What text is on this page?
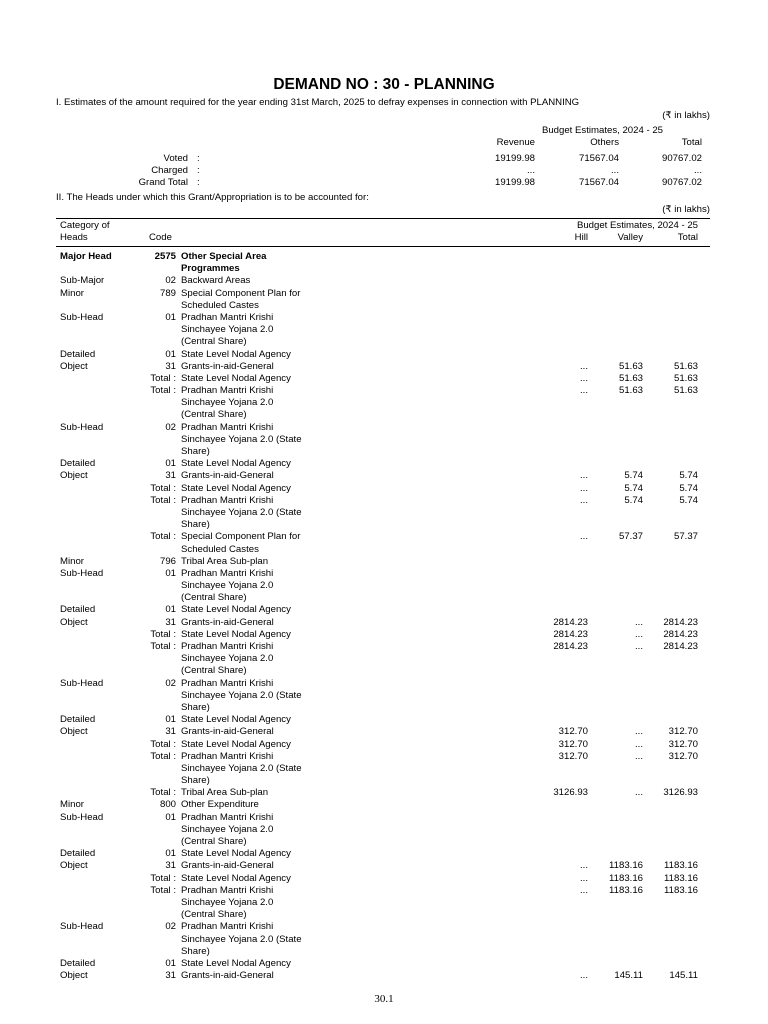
DEMAND NO : 30 - PLANNING
I. Estimates of the amount required for the year ending 31st March, 2025 to defray expenses in connection with PLANNING
(₹ in lakhs)
Budget Estimates, 2024 - 25
Revenue	Others	Total
Voted :	19199.98	71567.04	90767.02
Charged :	...	...	...
Grand Total :	19199.98	71567.04	90767.02
II. The Heads under which this Grant/Appropriation is to be accounted for:
(₹ in lakhs)
Category of
Heads	Code
Budget Estimates, 2024 - 25
Hill	Valley	Total
Major Head	2575 Other Special Area
Programmes
Sub-Major	02 Backward Areas
Minor	789 Special Component Plan for
Scheduled Castes
Sub-Head	01 Pradhan Mantri Krishi
Sinchayee Yojana 2.0
(Central Share)
Detailed	01 State Level Nodal Agency
Object	31 Grants-in-aid-General	...	51.63	51.63
Total : State Level Nodal Agency	...	51.63	51.63
Total : Pradhan Mantri Krishi	...	51.63	51.63
Sinchayee Yojana 2.0
(Central Share)
Sub-Head	02 Pradhan Mantri Krishi
Sinchayee Yojana 2.0 (State
Share)
Detailed	01 State Level Nodal Agency
Object	31 Grants-in-aid-General	...	5.74	5.74
Total : State Level Nodal Agency	...	5.74	5.74
Total : Pradhan Mantri Krishi	...	5.74	5.74
Sinchayee Yojana 2.0 (State
Share)
Total : Special Component Plan for	...	57.37	57.37
Scheduled Castes
Minor	796 Tribal Area Sub-plan
Sub-Head	01 Pradhan Mantri Krishi
Sinchayee Yojana 2.0
(Central Share)
Detailed	01 State Level Nodal Agency
Object	31 Grants-in-aid-General	2814.23	... 2814.23
Total : State Level Nodal Agency	2814.23	... 2814.23
Total : Pradhan Mantri Krishi	2814.23	... 2814.23
Sinchayee Yojana 2.0
(Central Share)
Sub-Head	02 Pradhan Mantri Krishi
Sinchayee Yojana 2.0 (State
Share)
Detailed	01 State Level Nodal Agency
Object	31 Grants-in-aid-General	312.70	...	312.70
Total : State Level Nodal Agency	312.70	...	312.70
Total : Pradhan Mantri Krishi	312.70	...	312.70
Sinchayee Yojana 2.0 (State
Share)
Total : Tribal Area Sub-plan	3126.93	... 3126.93
Minor	800 Other Expenditure
Sub-Head	01 Pradhan Mantri Krishi
Sinchayee Yojana 2.0
(Central Share)
Detailed	01 State Level Nodal Agency
Object	31 Grants-in-aid-General	... 1183.16 1183.16
Total : State Level Nodal Agency	... 1183.16 1183.16
Total : Pradhan Mantri Krishi	... 1183.16 1183.16
Sinchayee Yojana 2.0
(Central Share)
Sub-Head	02 Pradhan Mantri Krishi
Sinchayee Yojana 2.0 (State
Share)
Detailed	01 State Level Nodal Agency
Object	31 Grants-in-aid-General	...	145.11	145.11
30.1
